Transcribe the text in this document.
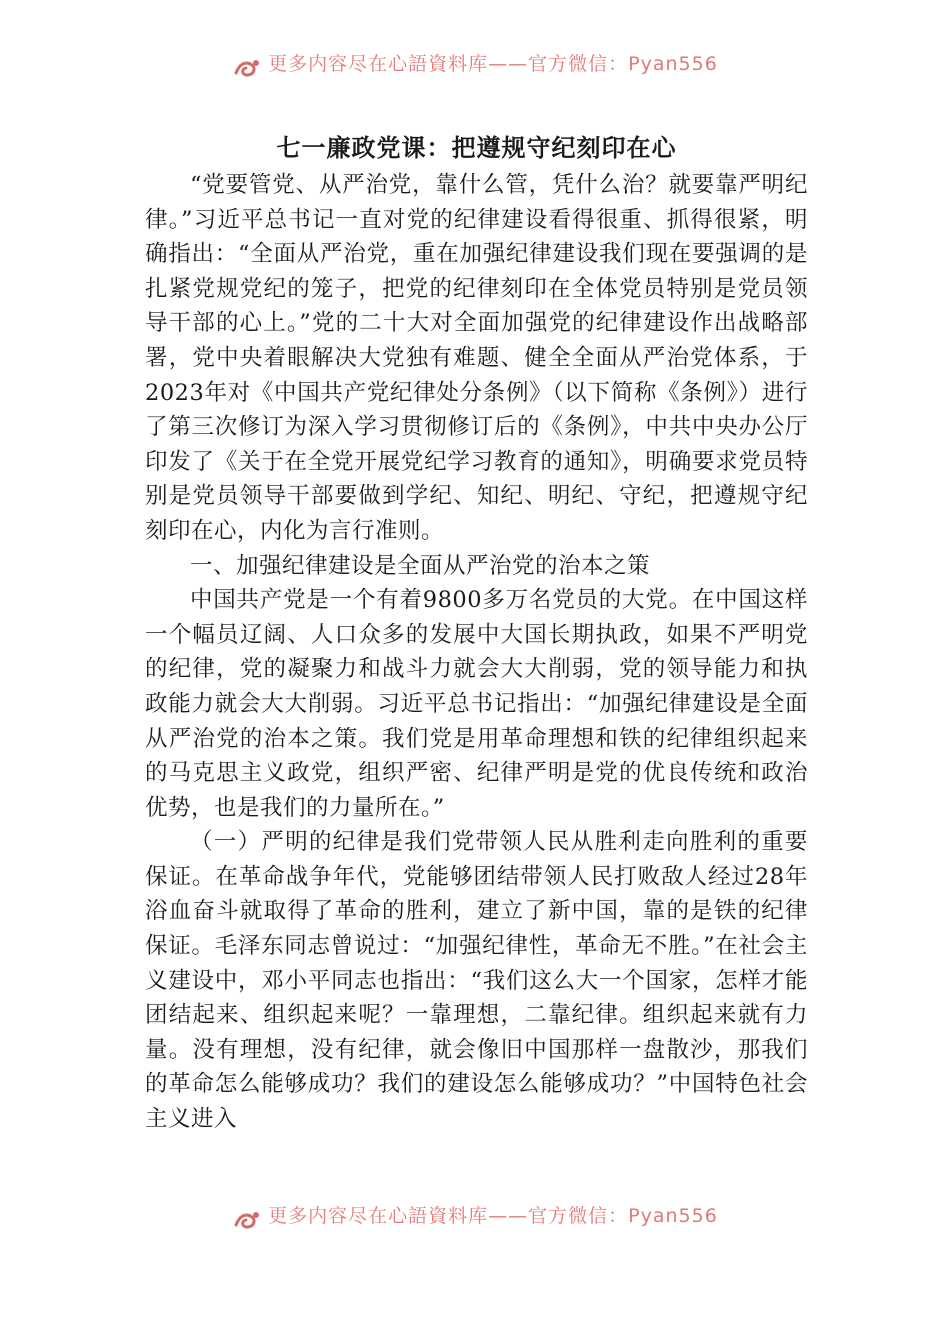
更多内容尽在心語資料库——官方微信：Pyan556
七一廉政党课：把遵规守纪刻印在心

“党要管党、从严治党，靠什么管，凭什么治？就要靠严明纪律。”习近平总书记一直对党的纪律建设看得很重、抓得很紧，明确指出：“全面从严治党，重在加强纪律建设我们现在要强调的是扎紧党规党纪的笼子，把党的纪律刻印在全体党员特别是党员领导干部的心上。”党的二十大对全面加强党的纪律建设作出战略部署，党中央着眼解决大党独有难题、健全全面从严治党体系，于2023年对《中国共产党纪律处分条例》（以下简称《条例》）进行了第三次修订为深入学习贯彻修订后的《条例》，中共中央办公厅印发了《关于在全党开展党纪学习教育的通知》，明确要求党员特别是党员领导干部要做到学纪、知纪、明纪、守纪，把遵规守纪刻印在心，内化为言行准则。

一、加强纪律建设是全面从严治党的治本之策

中国共产党是一个有着9800多万名党员的大党。在中国这样一个幅员辽阔、人口众多的发展中大国长期执政，如果不严明党的纪律，党的凝聚力和战斗力就会大大削弱，党的领导能力和执政能力就会大大削弱。习近平总书记指出：“加强纪律建设是全面从严治党的治本之策。我们党是用革命理想和铁的纪律组织起来的马克思主义政党，组织严密、纪律严明是党的优良传统和政治优势，也是我们的力量所在。”

（一）严明的纪律是我们党带领人民从胜利走向胜利的重要保证。在革命战争年代，党能够团结带领人民打败敌人经过28年浴血奋斗就取得了革命的胜利，建立了新中国，靠的是铁的纪律保证。毛泽东同志曾说过：“加强纪律性，革命无不胜。”在社会主义建设中，邓小平同志也指出：“我们这么大一个国家，怎样才能团结起来、组织起来呢？一靠理想，二靠纪律。组织起来就有力量。没有理想，没有纪律，就会像旧中国那样一盘散沙，那我们的革命怎么能够成功？我们的建设怎么能够成功？”中国特色社会主义进入

更多内容尽在心語資料库——官方微信：Pyan556
